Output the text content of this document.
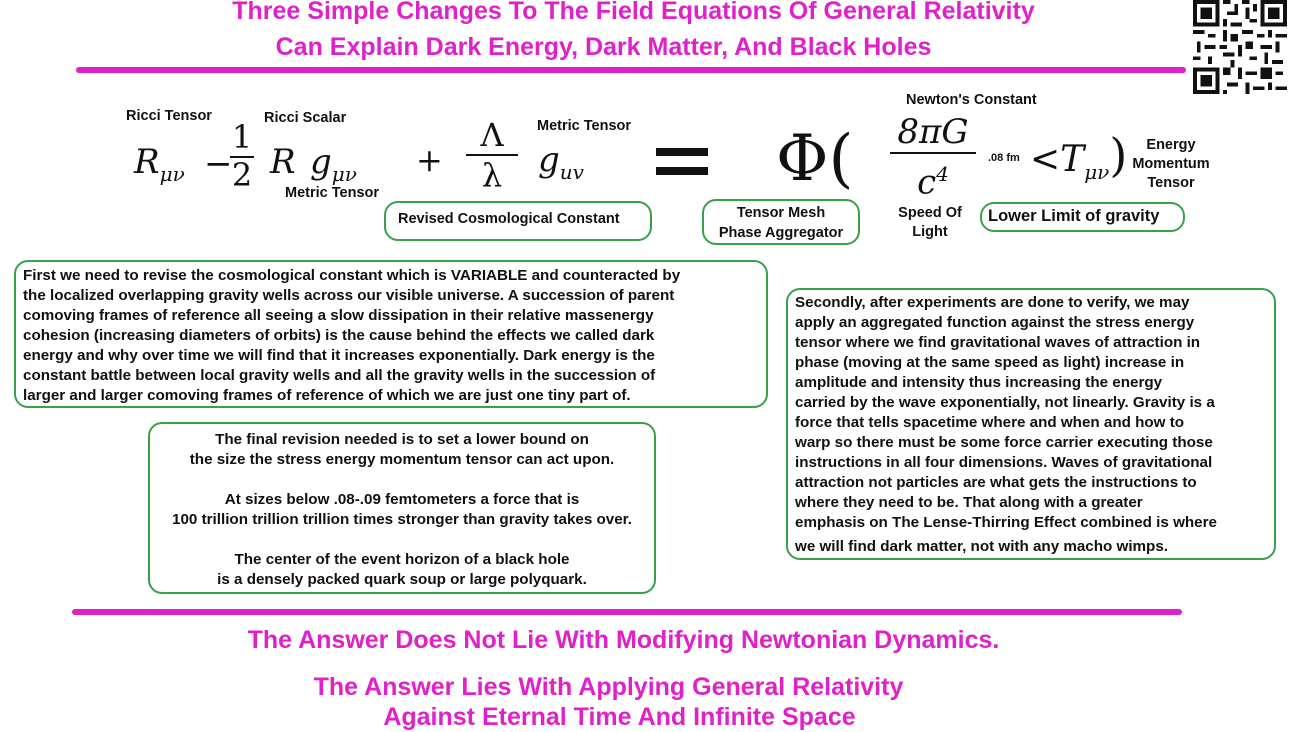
Three Simple Changes To The Field Equations Of General Relativity
Can Explain Dark Energy, Dark Matter, And Black Holes
Ricci Tensor	Ricci Scalar
Metric Tensor
Metric Tensor
Newton's Constant
Energy
Momentum
Tensor
Speed Of
Light
$R_{\mu\nu}$ −
1
2 R $g_{\mu\nu}$ +
Λ
λ	$g_{uv}$	Φ( 8πG
$c^4$
.08 fm $<T_{\mu\nu}$)
Revised Cosmological Constant	Tensor Mesh
Phase Aggregator
Lower Limit of gravity

First we need to revise the cosmological constant which is VARIABLE and counteracted by

the localized overlapping gravity wells across our visible universe. A succession of parent

comoving frames of reference all seeing a slow dissipation in their relative massenergy

cohesion (increasing diameters of orbits) is the cause behind the effects we called dark

energy and why over time we will find that it increases exponentially. Dark energy is the

constant battle between local gravity wells and all the gravity wells in the succession of

larger and larger comoving frames of reference of which we are just one tiny part of.

The final revision needed is to set a lower bound on

the size the stress energy momentum tensor can act upon.

At sizes below .08-.09 femtometers a force that is

100 trillion trillion trillion times stronger than gravity takes over.

The center of the event horizon of a black hole

is a densely packed quark soup or large polyquark.

Secondly, after experiments are done to verify, we may

apply an aggregated function against the stress energy

tensor where we find gravitational waves of attraction in

phase (moving at the same speed as light) increase in

amplitude and intensity thus increasing the energy

carried by the wave exponentially, not linearly. Gravity is a

force that tells spacetime where and when and how to

warp so there must be some force carrier executing those

instructions in all four dimensions. Waves of gravitational

attraction not particles are what gets the instructions to

where they need to be. That along with a greater

emphasis on The Lense-Thirring Effect combined is where

we will find dark matter, not with any macho wimps.

The Answer Does Not Lie With Modifying Newtonian Dynamics.
The Answer Lies With Applying General Relativity
Against Eternal Time And Infinite Space
